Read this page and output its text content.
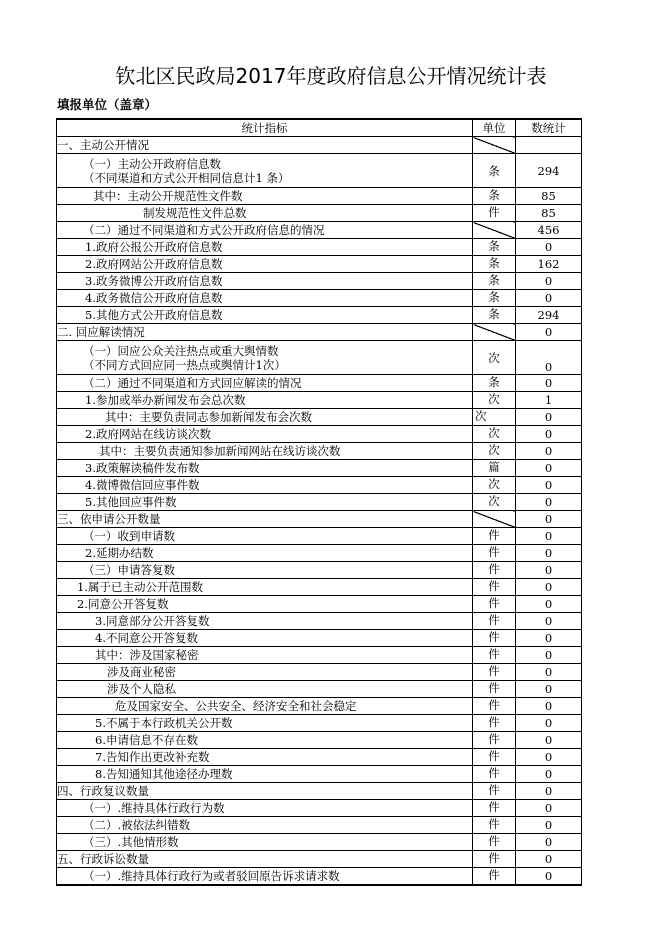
钦北区民政局2017年度政府信息公开情况统计表
填报单位（盖章）
统计指标	单位	数统计

一、主动公开情况		

（一）主动公开政府信息数
（不同渠道和方式公开相同信息计1 条）	条	294

其中：主动公开规范性文件数	条	85

制发规范性文件总数	件	85

（二）通过不同渠道和方式公开政府信息的情况		456

1.政府公报公开政府信息数	条	0

2.政府网站公开政府信息数	条	162

3.政务微博公开政府信息数	条	0

4.政务微信公开政府信息数	条	0

5.其他方式公开政府信息数	条	294

二. 回应解读情况		0

（一）回应公众关注热点或重大舆情数
（不同方式回应同一热点或舆情计1次）	次	0

（二）通过不同渠道和方式回应解读的情况	条	0

1.参加或举办新闻发布会总次数	次	1

其中：主要负责同志参加新闻发布会次数	次	0

2.政府网站在线访谈次数	次	0

其中：主要负责通知参加新闻网站在线访谈次数	次	0

3.政策解读稿件发布数	篇	0

4.微博微信回应事件数	次	0

5.其他回应事件数	次	0

三、依申请公开数量		0

（一）收到申请数	件	0

2.延期办结数	件	0

（三）申请答复数	件	0

1.属于已主动公开范围数	件	0

2.同意公开答复数	件	0

3.同意部分公开答复数	件	0

4.不同意公开答复数	件	0

其中：涉及国家秘密	件	0

涉及商业秘密	件	0

涉及个人隐私	件	0

危及国家安全、公共安全、经济安全和社会稳定	件	0

5.不属于本行政机关公开数	件	0

6.申请信息不存在数	件	0

7.告知作出更改补充数	件	0

8.告知通知其他途径办理数	件	0

四、行政复议数量	件	0

（一）.维持具体行政行为数	件	0

（二）.被依法纠错数	件	0

（三）.其他情形数	件	0

五、行政诉讼数量	件	0

（一）.维持具体行政行为或者驳回原告诉求请求数	件	0
